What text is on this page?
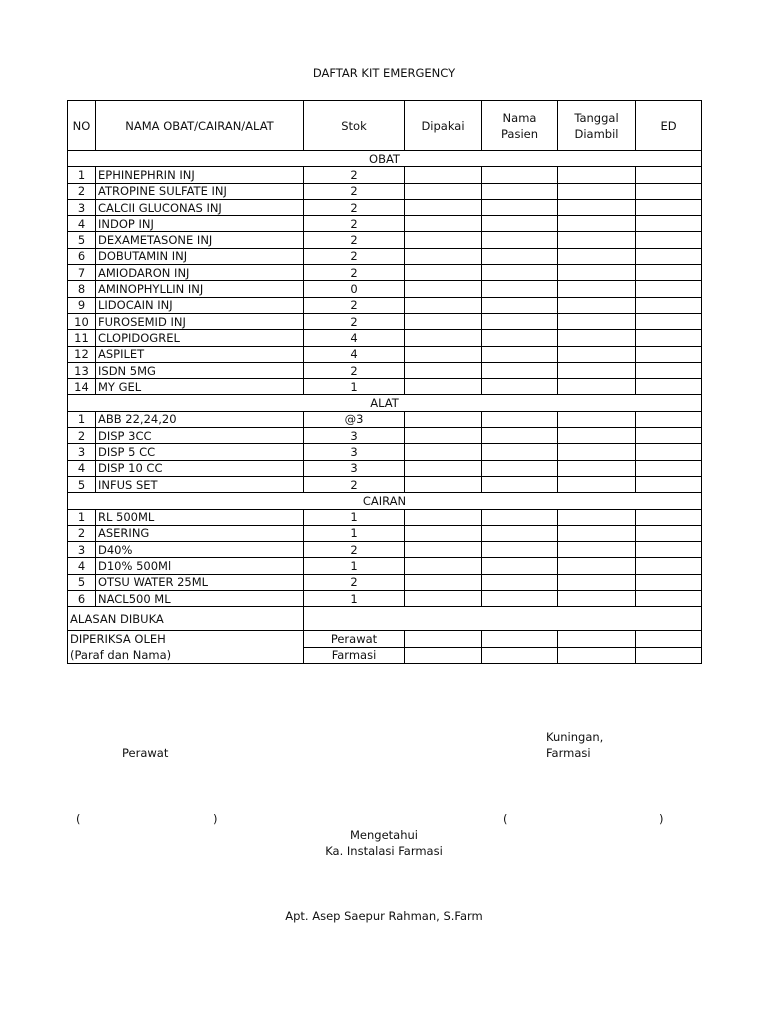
DAFTAR KIT EMERGENCY
NO	NAMA OBAT/CAIRAN/ALAT	Stok	Dipakai	Nama Pasien	Tanggal Diambil	ED
OBAT						
1	EPHINEPHRIN INJ	2				
2	ATROPINE SULFATE INJ	2				
3	CALCII GLUCONAS INJ	2				
4	INDOP INJ	2				
5	DEXAMETASONE INJ	2				
6	DOBUTAMIN INJ	2				
7	AMIODARON INJ	2				
8	AMINOPHYLLIN INJ	0				
9	LIDOCAIN INJ	2				
10	FUROSEMID INJ	2				
11	CLOPIDOGREL	4				
12	ASPILET	4				
13	ISDN 5MG	2				
14	MY GEL	1				
ALAT						
1	ABB 22,24,20	@3				
2	DISP 3CC	3				
3	DISP 5 CC	3				
4	DISP 10 CC	3				
5	INFUS SET	2				
CAIRAN						
1	RL 500ML	1				
2	ASERING	1				
3	D40%	2				
4	D10% 500Ml	1				
5	OTSU WATER 25ML	2				
6	NACL500 ML	1				
ALASAN DIBUKA						
DIPERIKSA OLEH		Perawat				
(Paraf dan Nama)		Farmasi				
Perawat
Kuningan,
Farmasi
(	)	(	)
Mengetahui
Ka. Instalasi Farmasi
Apt. Asep Saepur Rahman, S.Farm
